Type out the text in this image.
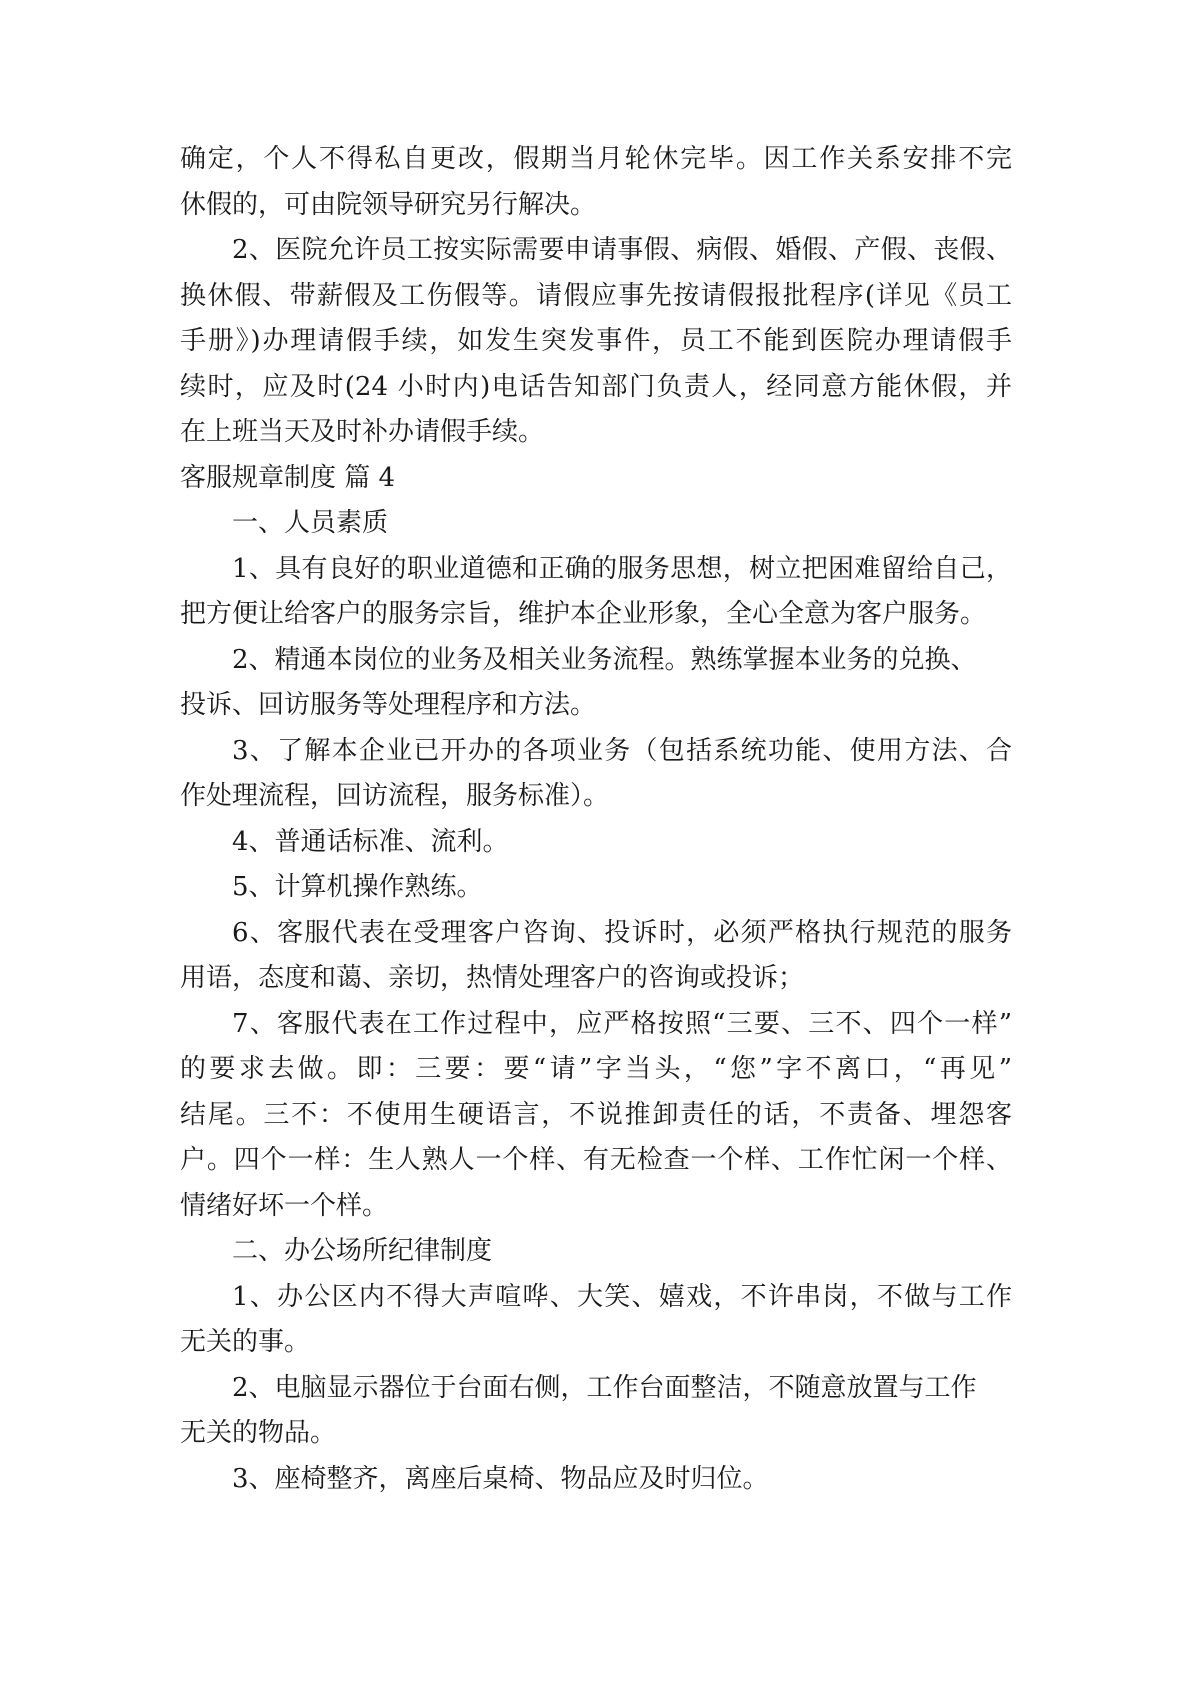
确定，个人不得私自更改，假期当月轮休完毕。因工作关系安排不完
休假的，可由院领导研究另行解决。
2、医院允许员工按实际需要申请事假、病假、婚假、产假、丧假、
换休假、带薪假及工伤假等。请假应事先按请假报批程序(详见《员工
手册》)办理请假手续，如发生突发事件，员工不能到医院办理请假手
续时，应及时(24 小时内)电话告知部门负责人，经同意方能休假，并
在上班当天及时补办请假手续。
客服规章制度 篇 4
一、人员素质
1、具有良好的职业道德和正确的服务思想，树立把困难留给自己，
把方便让给客户的服务宗旨，维护本企业形象，全心全意为客户服务。
2、精通本岗位的业务及相关业务流程。熟练掌握本业务的兑换、
投诉、回访服务等处理程序和方法。
3、了解本企业已开办的各项业务（包括系统功能、使用方法、合
作处理流程，回访流程，服务标准）。
4、普通话标准、流利。
5、计算机操作熟练。
6、客服代表在受理客户咨询、投诉时，必须严格执行规范的服务
用语，态度和蔼、亲切，热情处理客户的咨询或投诉；
7、客服代表在工作过程中，应严格按照“三要、三不、四个一样”
的要求去做。即：三要：要“请”字当头，“您”字不离口，“再见”
结尾。三不：不使用生硬语言，不说推卸责任的话，不责备、埋怨客
户。四个一样：生人熟人一个样、有无检查一个样、工作忙闲一个样、
情绪好坏一个样。
二、办公场所纪律制度
1、办公区内不得大声喧哗、大笑、嬉戏，不许串岗，不做与工作
无关的事。
2、电脑显示器位于台面右侧，工作台面整洁，不随意放置与工作
无关的物品。
3、座椅整齐，离座后桌椅、物品应及时归位。
